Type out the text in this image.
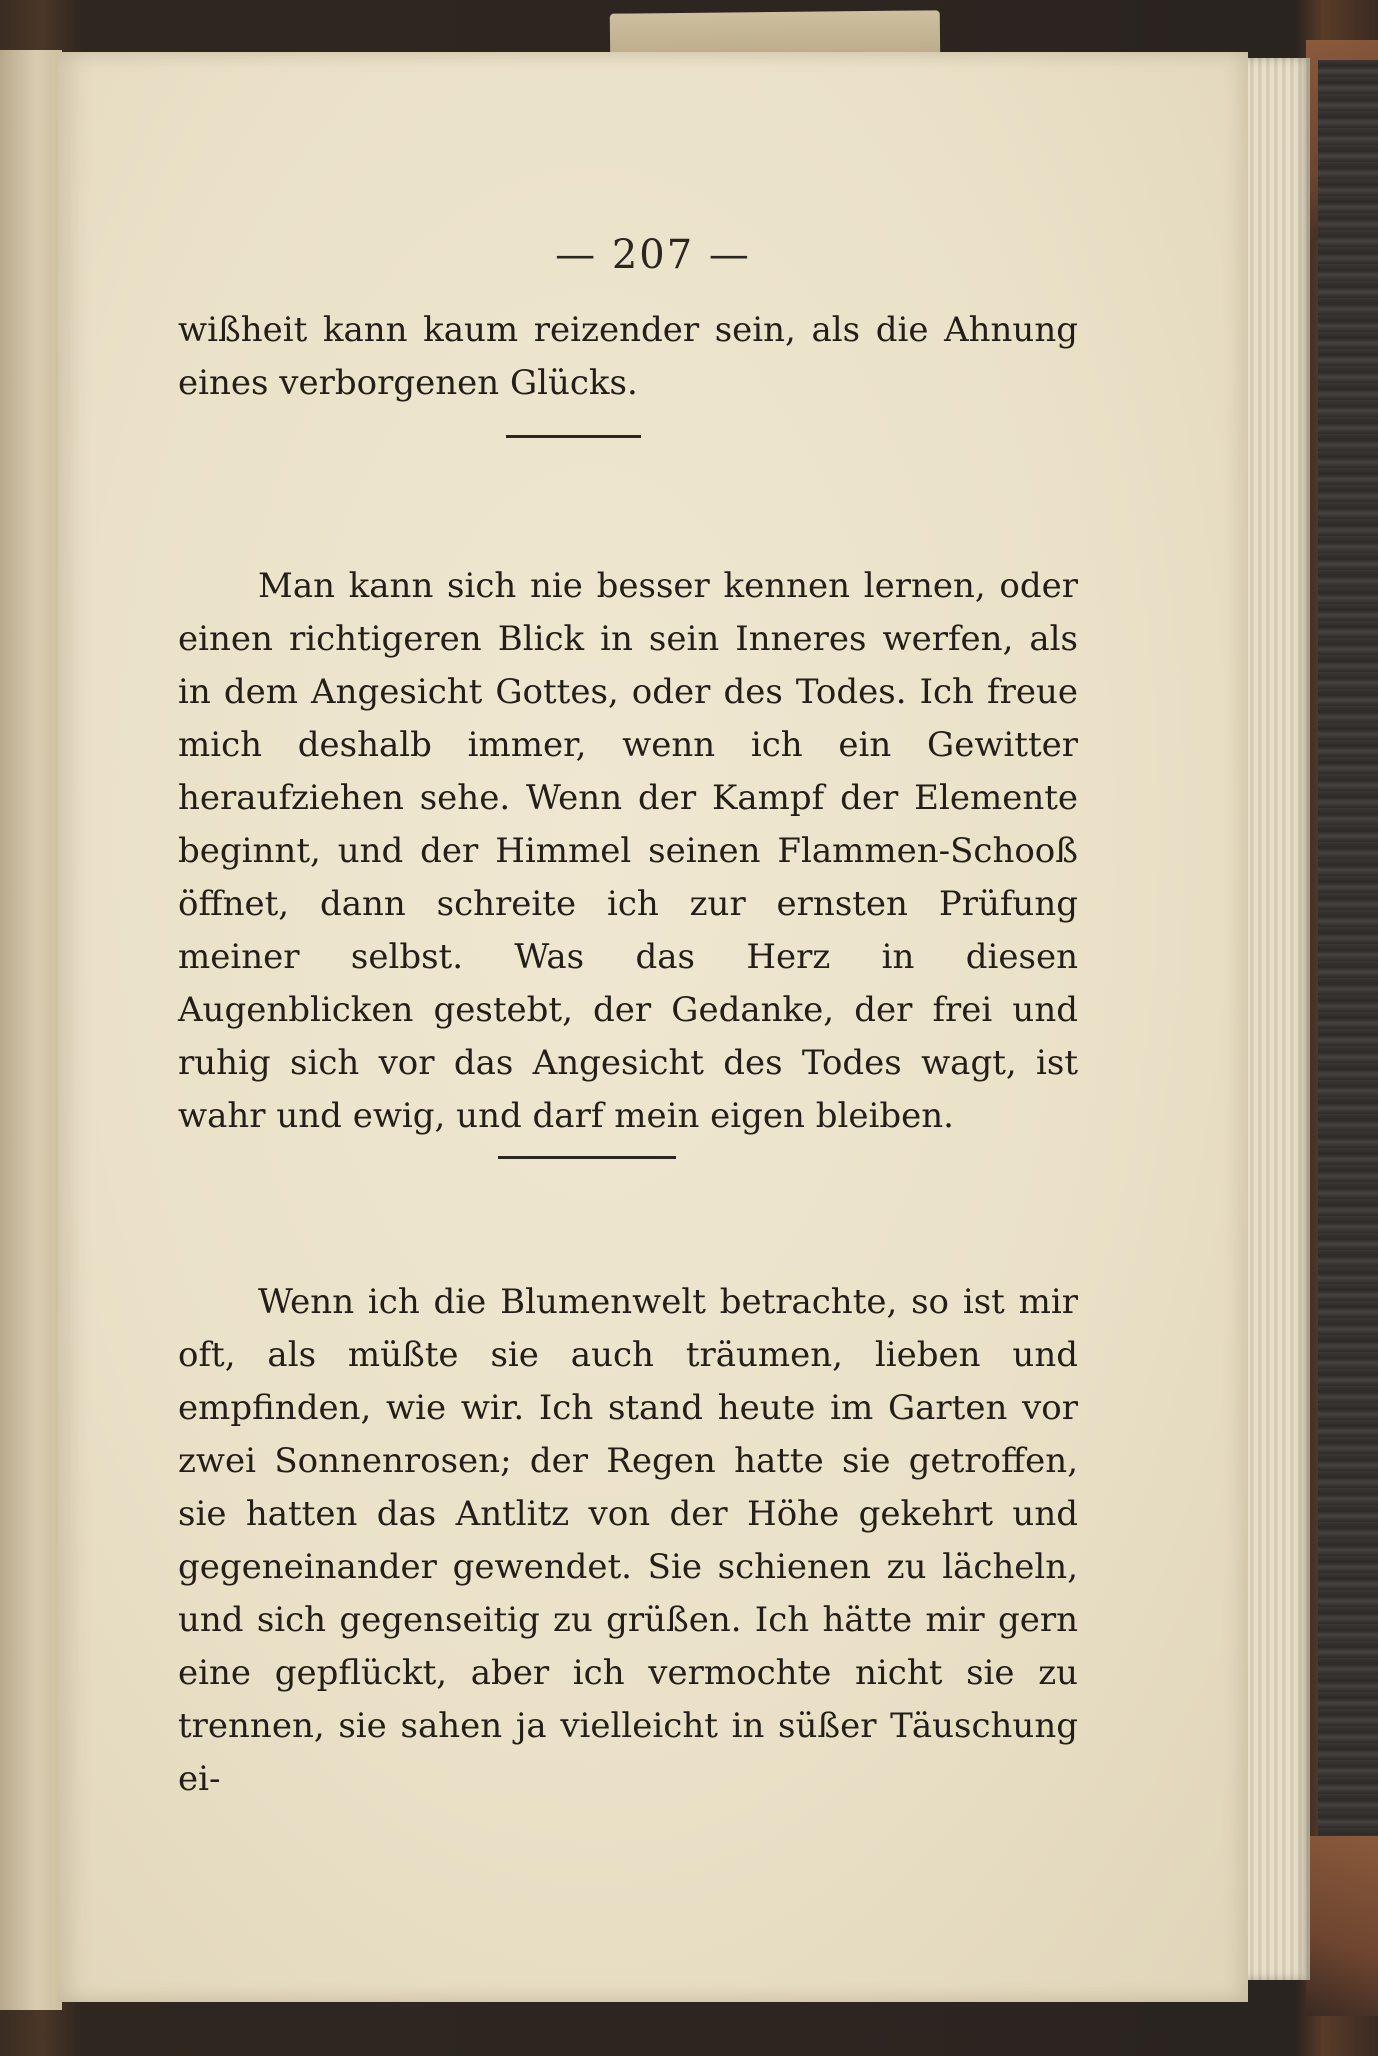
— 207 —

wißheit kann kaum reizender sein, als die Ahnung eines verborgenen Glücks.

Man kann sich nie besser kennen lernen, oder einen richtigeren Blick in sein Inneres werfen, als in dem Angesicht Gottes, oder des Todes. Ich freue mich deshalb immer, wenn ich ein Gewitter heraufziehen sehe. Wenn der Kampf der Elemente beginnt, und der Himmel seinen Flammen-Schooß öffnet, dann schreite ich zur ernsten Prüfung meiner selbst. Was das Herz in diesen Augenblicken gestebt, der Gedanke, der frei und ruhig sich vor das Angesicht des Todes wagt, ist wahr und ewig, und darf mein eigen bleiben.

Wenn ich die Blumenwelt betrachte, so ist mir oft, als müßte sie auch träumen, lieben und empfinden, wie wir. Ich stand heute im Garten vor zwei Sonnenrosen; der Regen hatte sie getroffen, sie hatten das Antlitz von der Höhe gekehrt und gegeneinander gewendet. Sie schienen zu lächeln, und sich gegenseitig zu grüßen. Ich hätte mir gern eine gepflückt, aber ich vermochte nicht sie zu trennen, sie sahen ja vielleicht in süßer Täuschung ei-
